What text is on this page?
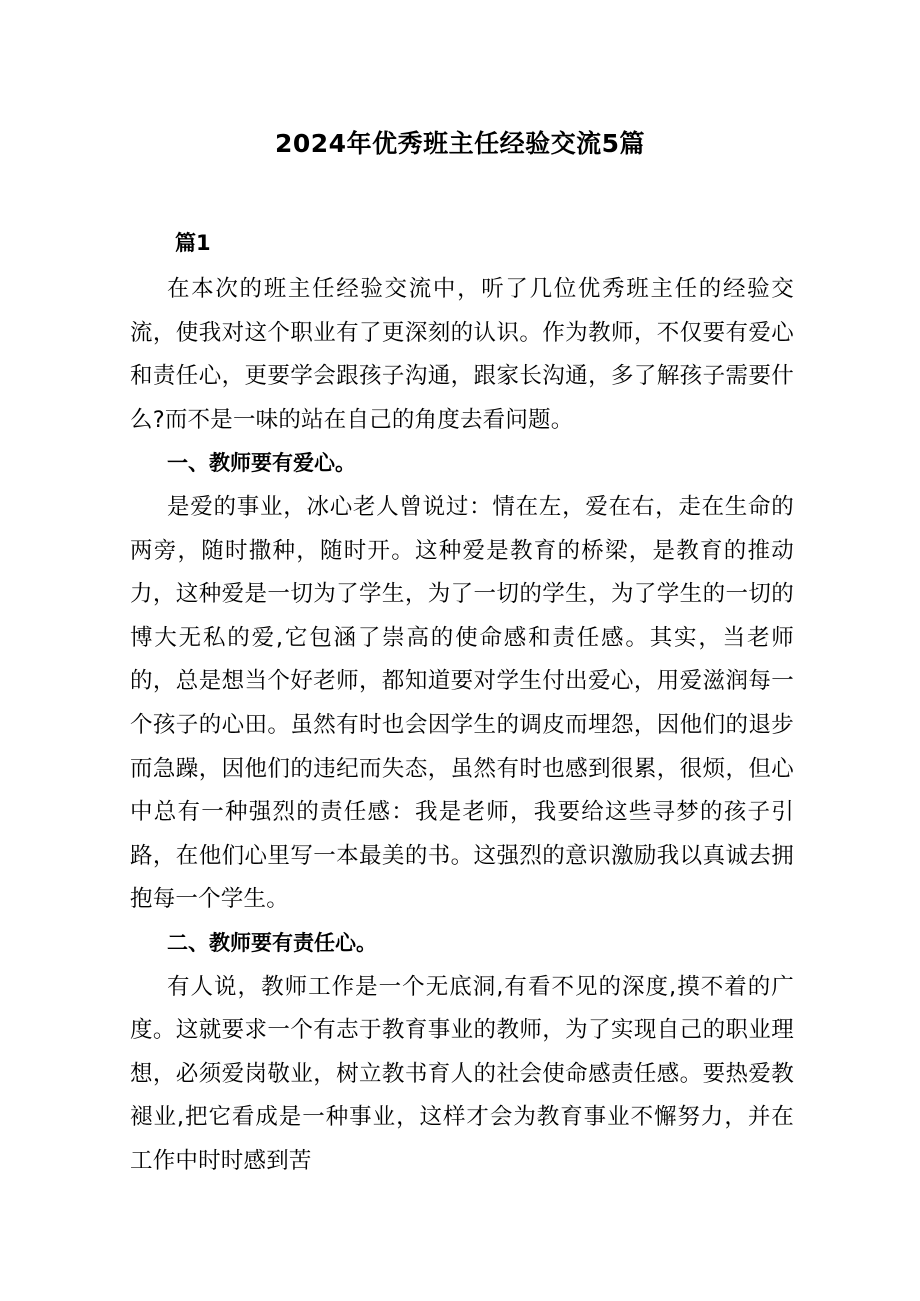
2024年优秀班主任经验交流5篇
篇1

在本次的班主任经验交流中，听了几位优秀班主任的经验交流，使我对这个职业有了更深刻的认识。作为教师，不仅要有爱心和责任心，更要学会跟孩子沟通，跟家长沟通，多了解孩子需要什么?而不是一味的站在自己的角度去看问题。

一、教师要有爱心。

是爱的事业，冰心老人曾说过：情在左，爱在右，走在生命的两旁，随时撒种，随时开。这种爱是教育的桥梁，是教育的推动力，这种爱是一切为了学生，为了一切的学生，为了学生的一切的博大无私的爱,它包涵了崇高的使命感和责任感。其实，当老师的，总是想当个好老师，都知道要对学生付出爱心，用爱滋润每一个孩子的心田。虽然有时也会因学生的调皮而埋怨，因他们的退步而急躁，因他们的违纪而失态，虽然有时也感到很累，很烦，但心中总有一种强烈的责任感：我是老师，我要给这些寻梦的孩子引路，在他们心里写一本最美的书。这强烈的意识激励我以真诚去拥抱每一个学生。

二、教师要有责任心。

有人说，教师工作是一个无底洞,有看不见的深度,摸不着的广度。这就要求一个有志于教育事业的教师，为了实现自己的职业理想，必须爱岗敬业，树立教书育人的社会使命感责任感。要热爱教褪业,把它看成是一种事业，这样才会为教育事业不懈努力，并在工作中时时感到苦
